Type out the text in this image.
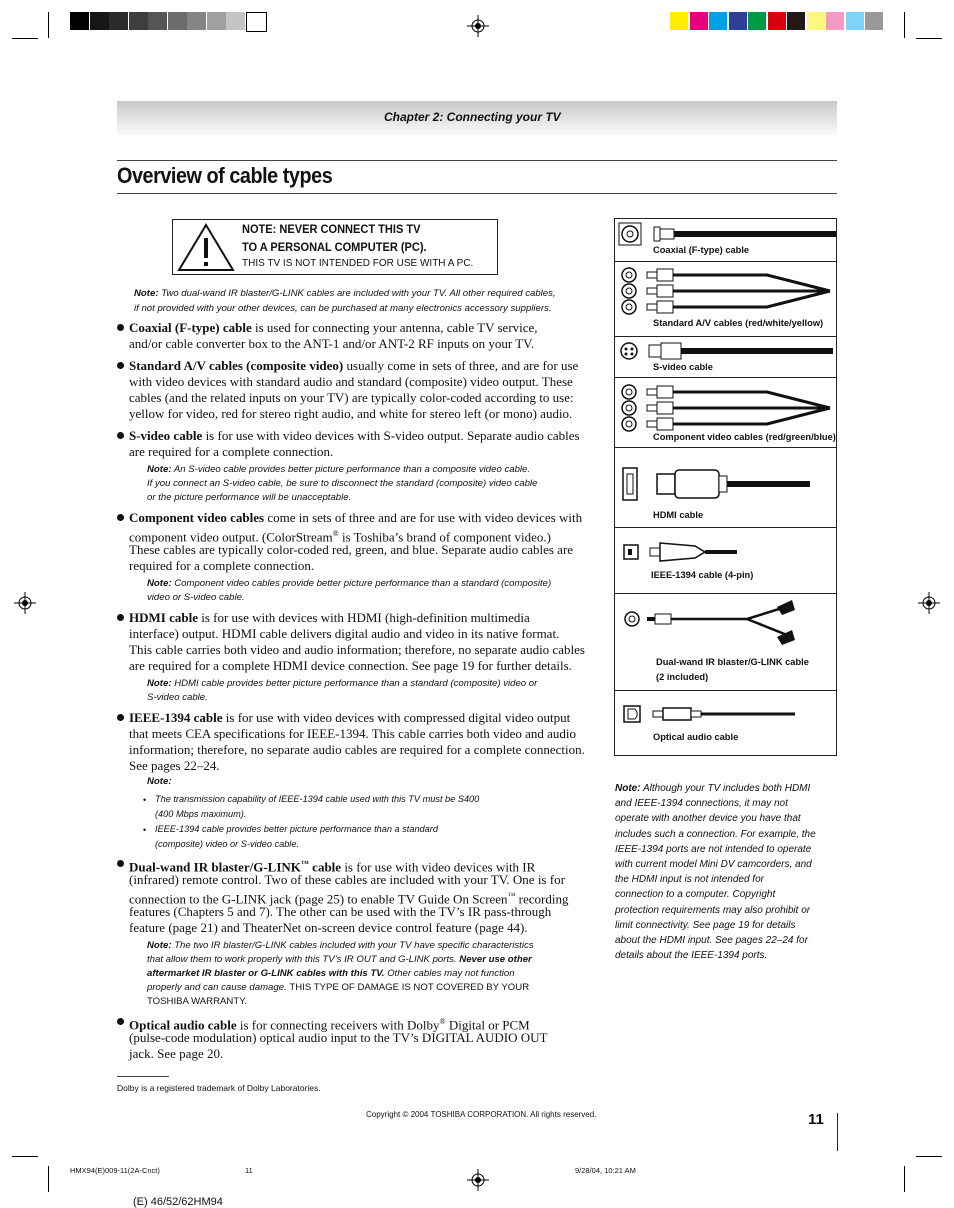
Chapter 2: Connecting your TV
Overview of cable types
NOTE: NEVER CONNECT THIS TV
TO A PERSONAL COMPUTER (PC).
THIS TV IS NOT INTENDED FOR USE WITH A PC.
Note: Two dual-wand IR blaster/G-LINK cables are included with your TV. All other required cables,
if not provided with your other devices, can be purchased at many electronics accessory suppliers.
Coaxial (F-type) cable is used for connecting your antenna, cable TV service,
and/or cable converter box to the ANT-1 and/or ANT-2 RF inputs on your TV.
Standard A/V cables (composite video) usually come in sets of three, and are for use
with video devices with standard audio and standard (composite) video output. These
cables (and the related inputs on your TV) are typically color-coded according to use:
yellow for video, red for stereo right audio, and white for stereo left (or mono) audio.
S-video cable is for use with video devices with S-video output. Separate audio cables
are required for a complete connection.
Note: An S-video cable provides better picture performance than a composite video cable.
If you connect an S-video cable, be sure to disconnect the standard (composite) video cable
or the picture performance will be unacceptable.
Component video cables come in sets of three and are for use with video devices with
component video output. (ColorStream® is Toshiba’s brand of component video.)
These cables are typically color-coded red, green, and blue. Separate audio cables are
required for a complete connection.
Note: Component video cables provide better picture performance than a standard (composite)
video or S-video cable.
HDMI cable is for use with devices with HDMI (high-definition multimedia
interface) output. HDMI cable delivers digital audio and video in its native format.
This cable carries both video and audio information; therefore, no separate audio cables
are required for a complete HDMI device connection. See page 19 for further details.
Note: HDMI cable provides better picture performance than a standard (composite) video or
S-video cable.
IEEE-1394 cable is for use with video devices with compressed digital video output
that meets CEA specifications for IEEE-1394. This cable carries both video and audio
information; therefore, no separate audio cables are required for a complete connection.
See pages 22–24.
Note:
• The transmission capability of IEEE-1394 cable used with this TV must be S400
(400 Mbps maximum).
• IEEE-1394 cable provides better picture performance than a standard
(composite) video or S-video cable.
Dual-wand IR blaster/G-LINK™ cable is for use with video devices with IR
(infrared) remote control. Two of these cables are included with your TV. One is for
connection to the G-LINK jack (page 25) to enable TV Guide On Screen™ recording
features (Chapters 5 and 7). The other can be used with the TV’s IR pass-through
feature (page 21) and TheaterNet on-screen device control feature (page 44).
Note: The two IR blaster/G-LINK cables included with your TV have specific characteristics
that allow them to work properly with this TV’s IR OUT and G-LINK ports. Never use other
aftermarket IR blaster or G-LINK cables with this TV. Other cables may not function
properly and can cause damage. THIS TYPE OF DAMAGE IS NOT COVERED BY YOUR
TOSHIBA WARRANTY.
Optical audio cable is for connecting receivers with Dolby® Digital or PCM
(pulse-code modulation) optical audio input to the TV’s DIGITAL AUDIO OUT
jack. See page 20.
Dolby is a registered trademark of Dolby Laboratories.
Coaxial (F-type) cable
Standard A/V cables (red/white/yellow)
S-video cable
Component video cables (red/green/blue)
HDMI cable
IEEE-1394 cable (4-pin)
Dual-wand IR blaster/G-LINK cable
(2 included)
Optical audio cable
Note: Although your TV includes both HDMI
and IEEE-1394 connections, it may not
operate with another device you have that
includes such a connection. For example, the
IEEE-1394 ports are not intended to operate
with current model Mini DV camcorders, and
the HDMI input is not intended for
connection to a computer. Copyright
protection requirements may also prohibit or
limit connectivity. See page 19 for details
about the HDMI input. See pages 22–24 for
details about the IEEE-1394 ports.
Copyright © 2004 TOSHIBA CORPORATION. All rights reserved.	11
HMX94(E)009-11(2A-Cnct)	11	9/28/04, 10:21 AM
(E) 46/52/62HM94
